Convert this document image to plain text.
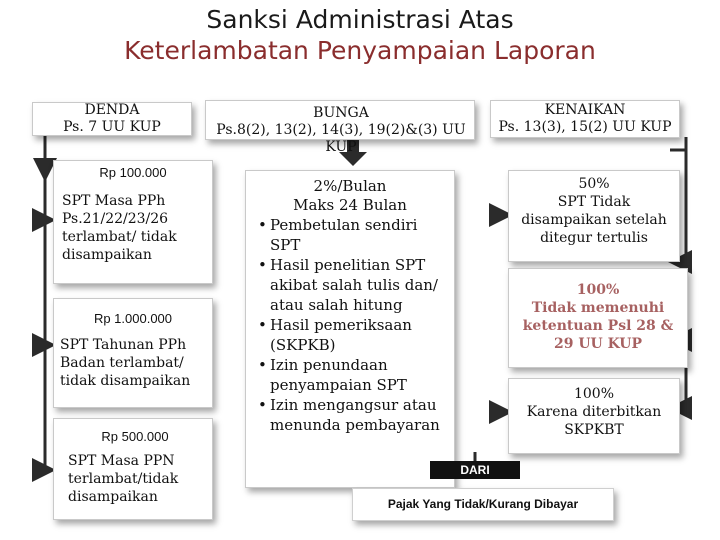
Sanksi Administrasi Atas
Keterlambatan Penyampaian Laporan
DENDA
Ps. 7 UU KUP
BUNGA
Ps.8(2), 13(2), 14(3), 19(2)&(3) UU KUP
KENAIKAN
Ps. 13(3), 15(2) UU KUP
Rp 100.000
SPT Masa PPh Ps.21/22/23/26 terlambat/ tidak disampaikan
Rp 1.000.000
SPT Tahunan PPh Badan terlambat/ tidak disampaikan
Rp 500.000
SPT Masa PPN terlambat/tidak disampaikan
2%/Bulan
Maks 24 Bulan
• Pembetulan sendiri SPT
• Hasil penelitian SPT akibat salah tulis dan/ atau salah hitung
• Hasil pemeriksaan (SKPKB)
• Izin penundaan penyampaian SPT
• Izin mengangsur atau menunda pembayaran
50%
SPT Tidak disampaikan setelah ditegur tertulis
100%
Tidak memenuhi ketentuan Psl 28 & 29 UU KUP
100%
Karena diterbitkan SKPKBT
DARI
Pajak Yang Tidak/Kurang Dibayar
